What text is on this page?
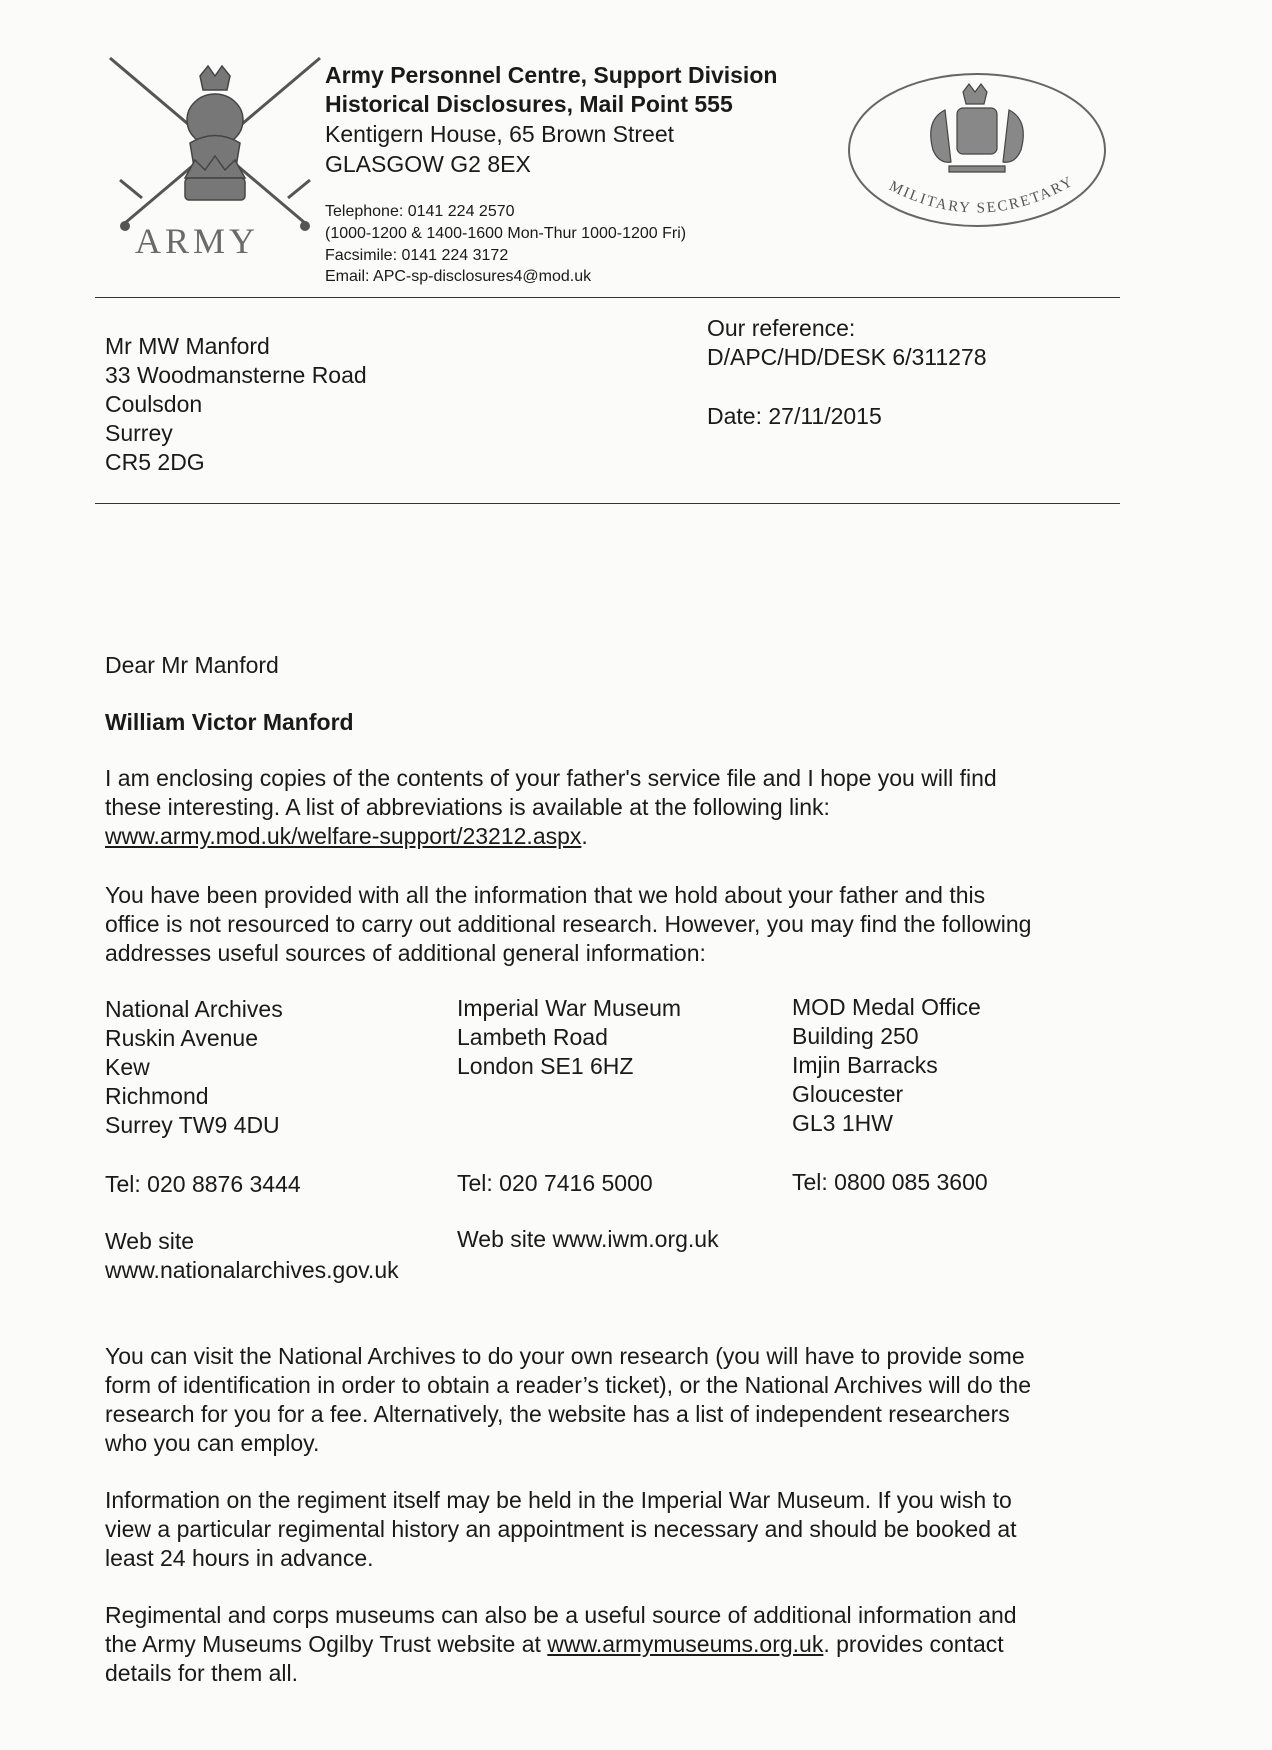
ARMY
Army Personnel Centre, Support Division
Historical Disclosures, Mail Point 555
Kentigern House, 65 Brown Street
GLASGOW G2 8EX
Telephone: 0141 224 2570
(1000-1200 & 1400-1600 Mon-Thur 1000-1200 Fri)
Facsimile: 0141 224 3172
Email: APC-sp-disclosures4@mod.uk
MILITARY SECRETARY
Mr MW Manford
33 Woodmansterne Road
Coulsdon
Surrey
CR5 2DG
Our reference:
D/APC/HD/DESK 6/311278
Date: 27/11/2015
Dear Mr Manford
William Victor Manford
I am enclosing copies of the contents of your father's service file and I hope you will find
these interesting. A list of abbreviations is available at the following link:
www.army.mod.uk/welfare-support/23212.aspx.
You have been provided with all the information that we hold about your father and this
office is not resourced to carry out additional research. However, you may find the following
addresses useful sources of additional general information:
National Archives
Ruskin Avenue
Kew
Richmond
Surrey TW9 4DU
Tel: 020 8876 3444
Web site
www.nationalarchives.gov.uk
Imperial War Museum
Lambeth Road
London SE1 6HZ
Tel: 020 7416 5000
Web site www.iwm.org.uk
MOD Medal Office
Building 250
Imjin Barracks
Gloucester
GL3 1HW
Tel: 0800 085 3600
You can visit the National Archives to do your own research (you will have to provide some
form of identification in order to obtain a reader’s ticket), or the National Archives will do the
research for you for a fee. Alternatively, the website has a list of independent researchers
who you can employ.
Information on the regiment itself may be held in the Imperial War Museum. If you wish to
view a particular regimental history an appointment is necessary and should be booked at
least 24 hours in advance.
Regimental and corps museums can also be a useful source of additional information and
the Army Museums Ogilby Trust website at www.armymuseums.org.uk. provides contact
details for them all.
